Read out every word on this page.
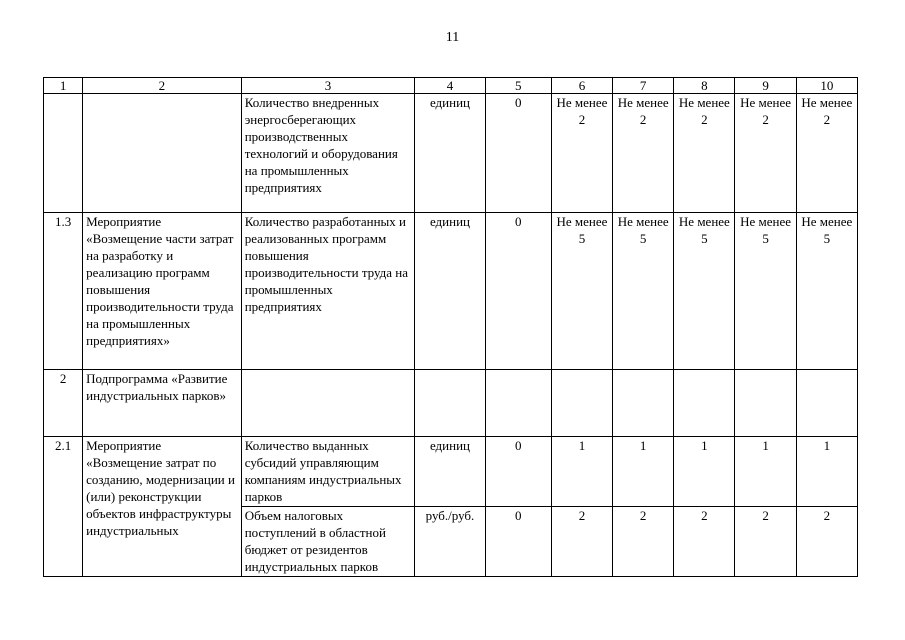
11
1	2	3	4	5	6	7	8	9	10
		Количество внедренных энергосберегающих производственных технологий и оборудования на промышленных предприятиях	единиц	0	Не менее 2	Не менее 2	Не менее 2	Не менее 2	Не менее 2
1.3	Мероприятие «Возмещение части затрат на разработку и реализацию программ повышения производительности труда на промышленных предприятиях»	Количество разработанных и реализованных программ повышения производительности труда на промышленных предприятиях	единиц	0	Не менее 5	Не менее 5	Не менее 5	Не менее 5	Не менее 5
2	Подпрограмма «Развитие индустриальных парков»								
2.1	Мероприятие «Возмещение затрат по созданию, модернизации и (или) реконструкции объектов инфраструктуры индустриальных	Количество выданных субсидий управляющим компаниям индустриальных парков	единиц	0	1	1	1	1	1
		Объем налоговых поступлений в областной бюджет от резидентов индустриальных парков	руб./руб.	0	2	2	2	2	2
